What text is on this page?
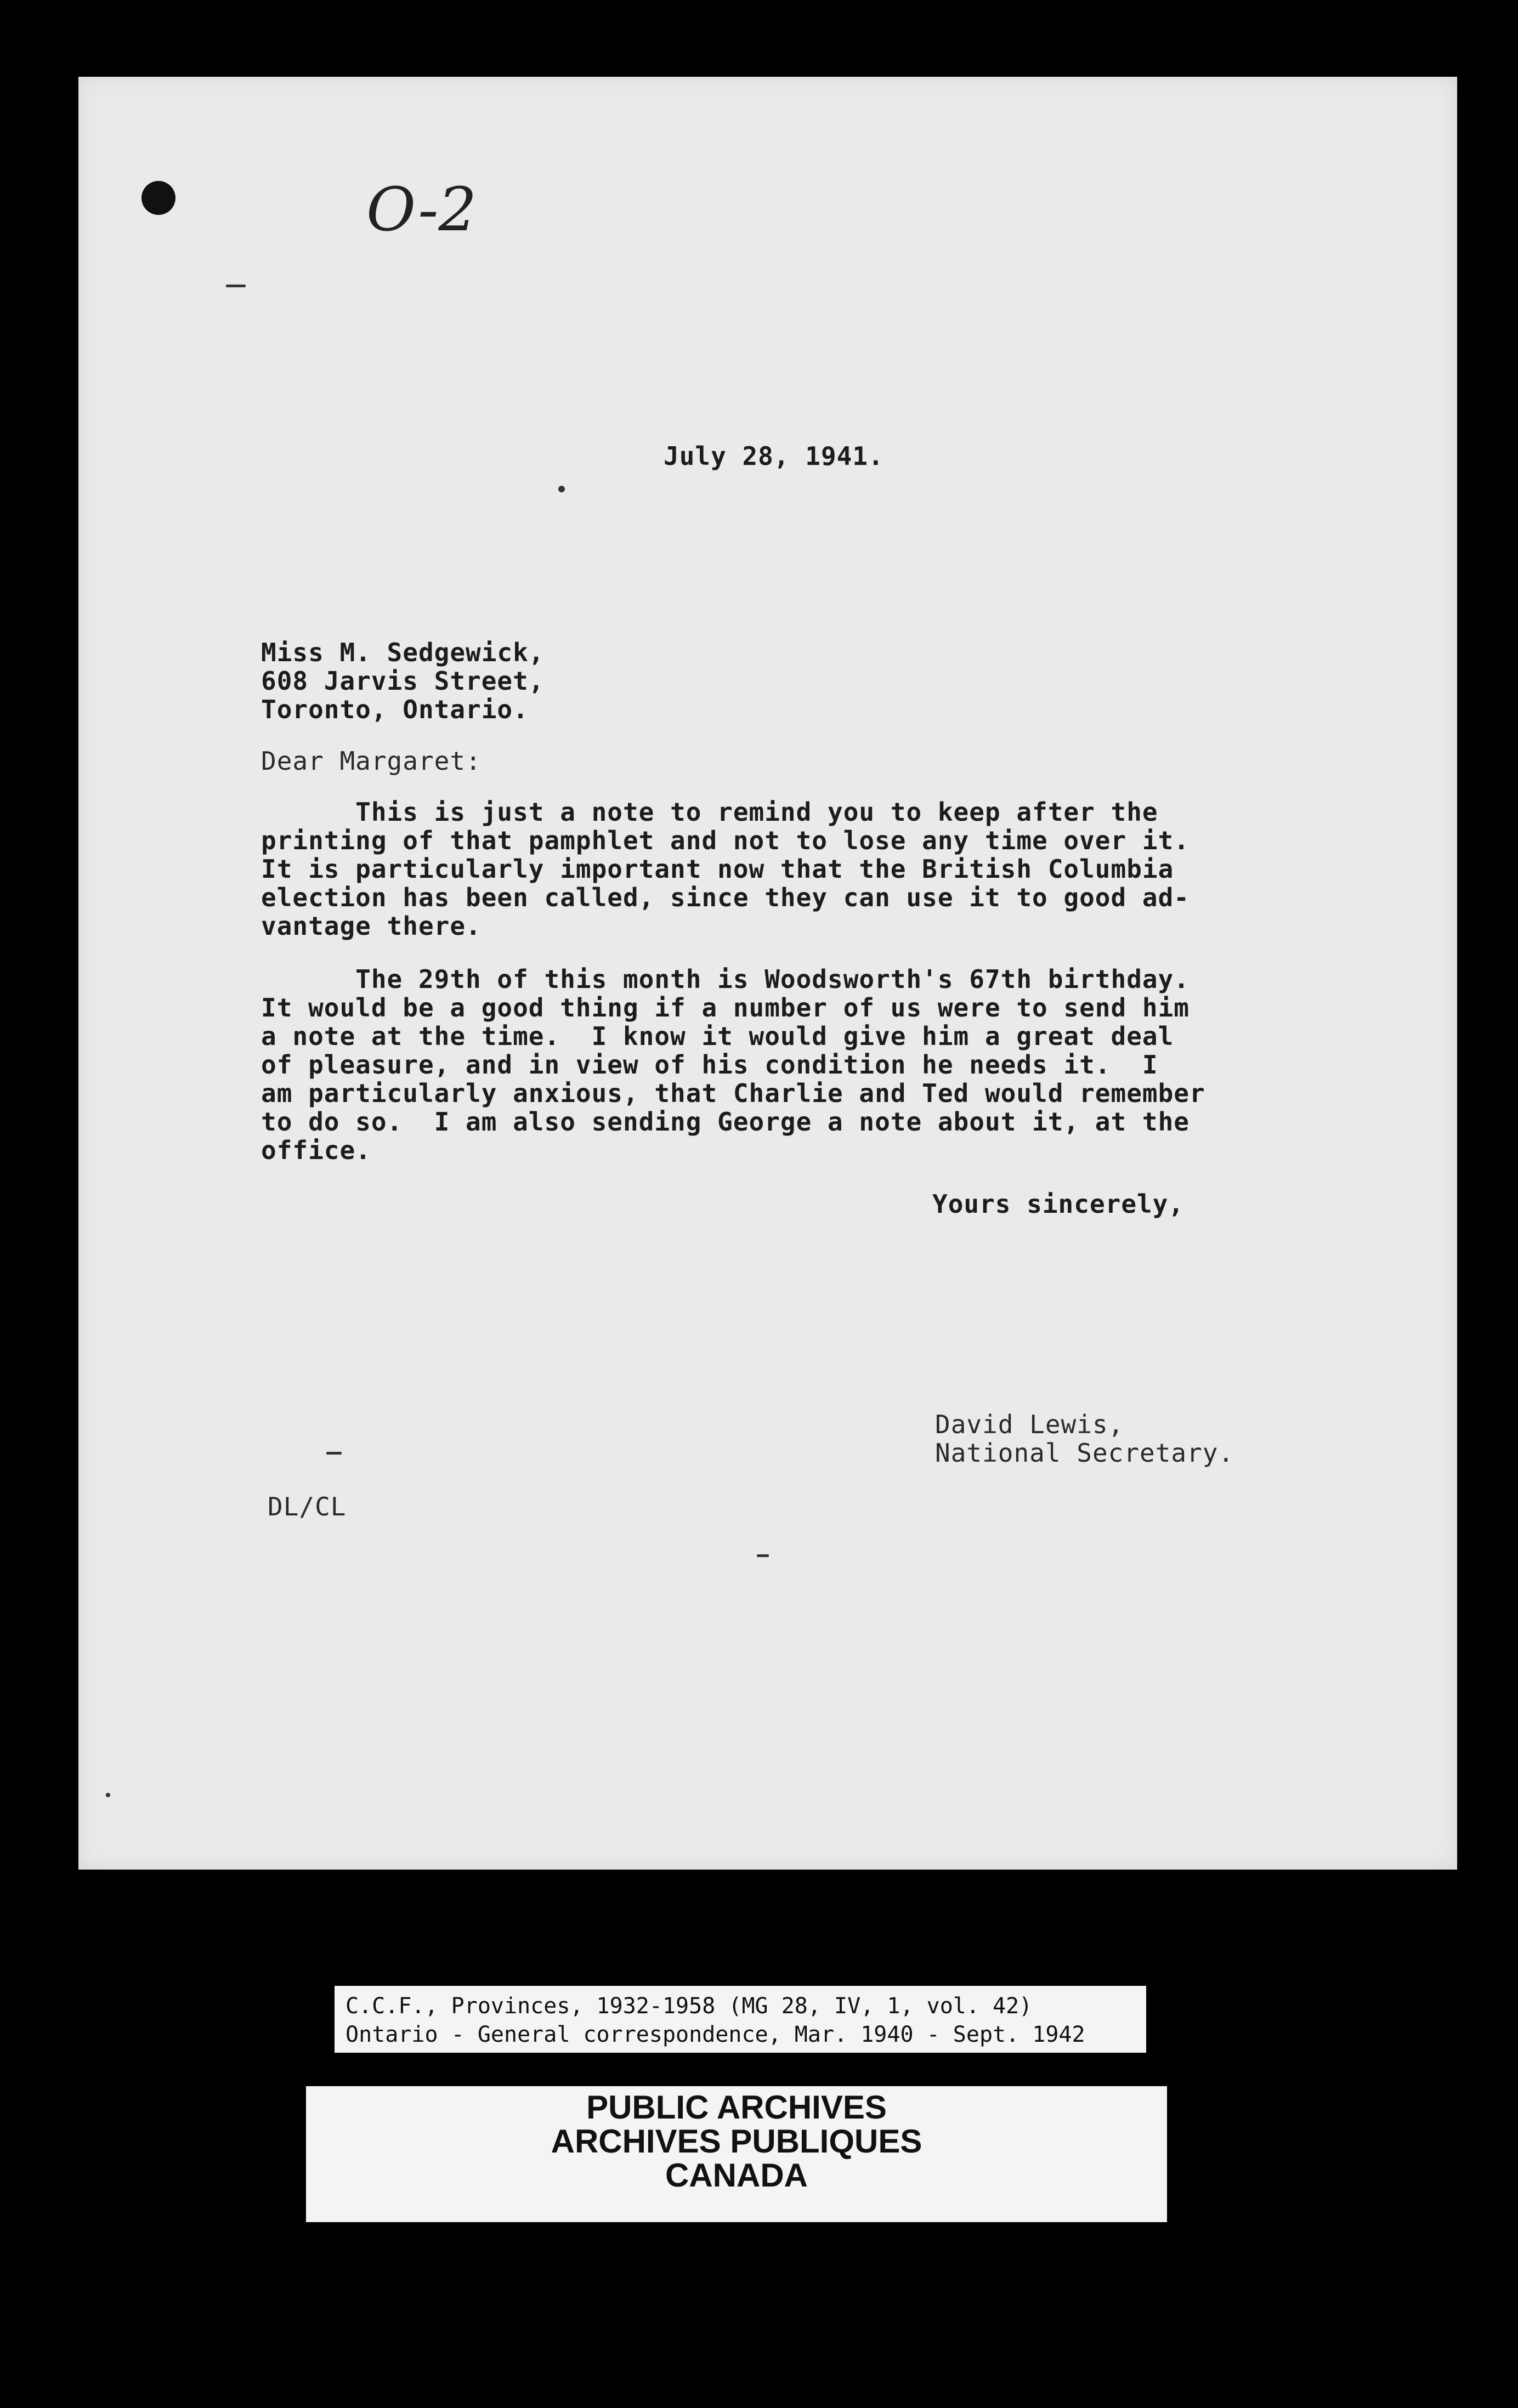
O-2
July 28, 1941.
Miss M. Sedgewick,
608 Jarvis Street,
Toronto, Ontario.
Dear Margaret:
This is just a note to remind you to keep after the
printing of that pamphlet and not to lose any time over it.
It is particularly important now that the British Columbia
election has been called, since they can use it to good ad-
vantage there.
The 29th of this month is Woodsworth's 67th birthday.
It would be a good thing if a number of us were to send him
a note at the time.  I know it would give him a great deal
of pleasure, and in view of his condition he needs it.  I
am particularly anxious, that Charlie and Ted would remember
to do so.  I am also sending George a note about it, at the
office.
Yours sincerely,
David Lewis,
National Secretary.
DL/CL
C.C.F., Provinces, 1932-1958 (MG 28, IV, 1, vol. 42)
Ontario - General correspondence, Mar. 1940 - Sept. 1942
PUBLIC ARCHIVES
ARCHIVES PUBLIQUES
CANADA
